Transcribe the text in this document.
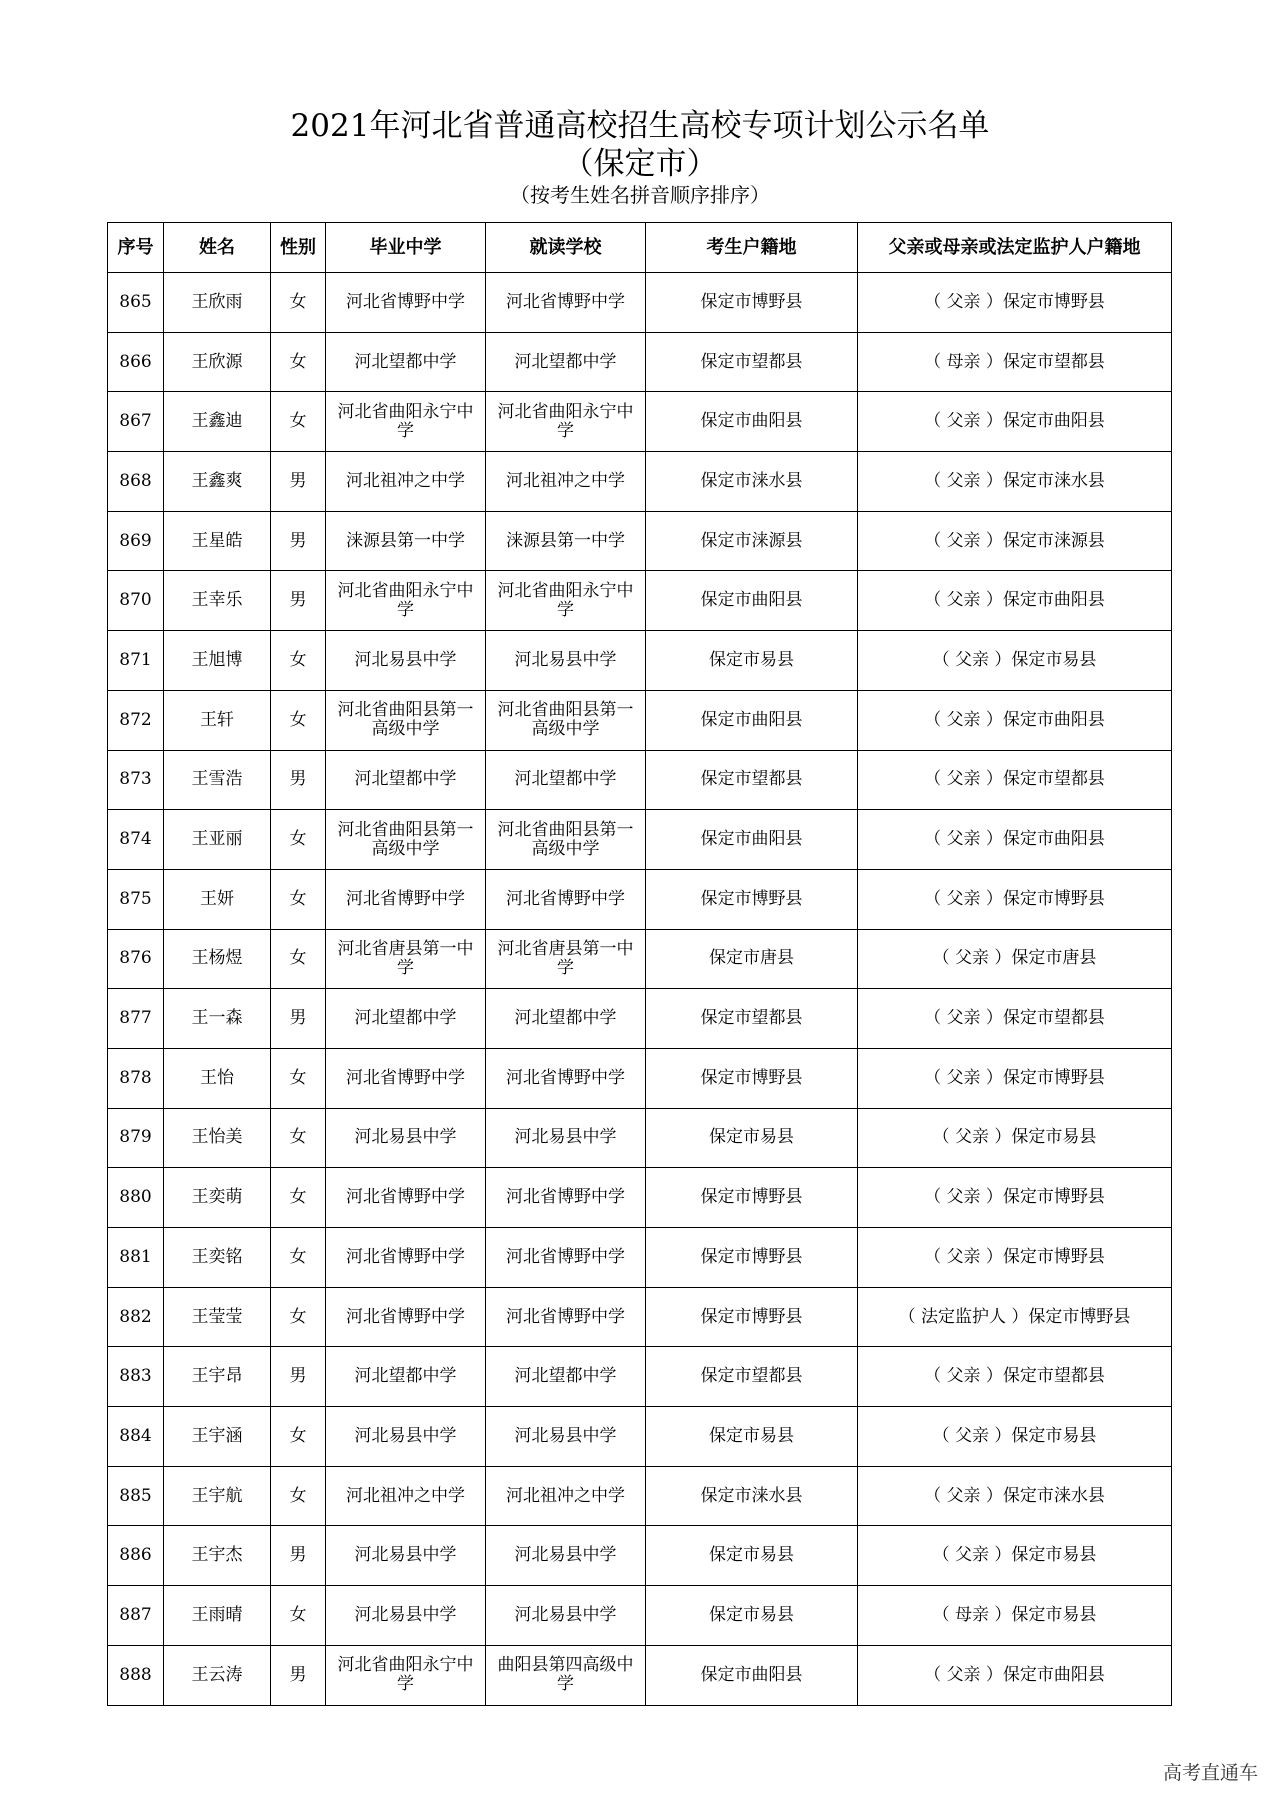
2021年河北省普通高校招生高校专项计划公示名单
（保定市）
（按考生姓名拼音顺序排序）
序号	姓名	性别	毕业中学	就读学校	考生户籍地	父亲或母亲或法定监护人户籍地
865	王欣雨	女	河北省博野中学	河北省博野中学	保定市博野县	（ 父亲 ）保定市博野县
866	王欣源	女	河北望都中学	河北望都中学	保定市望都县	（ 母亲 ）保定市望都县
867	王鑫迪	女	河北省曲阳永宁中学	河北省曲阳永宁中学	保定市曲阳县	（ 父亲 ）保定市曲阳县
868	王鑫爽	男	河北祖冲之中学	河北祖冲之中学	保定市涞水县	（ 父亲 ）保定市涞水县
869	王星皓	男	涞源县第一中学	涞源县第一中学	保定市涞源县	（ 父亲 ）保定市涞源县
870	王幸乐	男	河北省曲阳永宁中学	河北省曲阳永宁中学	保定市曲阳县	（ 父亲 ）保定市曲阳县
871	王旭博	女	河北易县中学	河北易县中学	保定市易县	（ 父亲 ）保定市易县
872	王轩	女	河北省曲阳县第一高级中学	河北省曲阳县第一高级中学	保定市曲阳县	（ 父亲 ）保定市曲阳县
873	王雪浩	男	河北望都中学	河北望都中学	保定市望都县	（ 父亲 ）保定市望都县
874	王亚丽	女	河北省曲阳县第一高级中学	河北省曲阳县第一高级中学	保定市曲阳县	（ 父亲 ）保定市曲阳县
875	王妍	女	河北省博野中学	河北省博野中学	保定市博野县	（ 父亲 ）保定市博野县
876	王杨煜	女	河北省唐县第一中学	河北省唐县第一中学	保定市唐县	（ 父亲 ）保定市唐县
877	王一森	男	河北望都中学	河北望都中学	保定市望都县	（ 父亲 ）保定市望都县
878	王怡	女	河北省博野中学	河北省博野中学	保定市博野县	（ 父亲 ）保定市博野县
879	王怡美	女	河北易县中学	河北易县中学	保定市易县	（ 父亲 ）保定市易县
880	王奕萌	女	河北省博野中学	河北省博野中学	保定市博野县	（ 父亲 ）保定市博野县
881	王奕铭	女	河北省博野中学	河北省博野中学	保定市博野县	（ 父亲 ）保定市博野县
882	王莹莹	女	河北省博野中学	河北省博野中学	保定市博野县	（ 法定监护人 ）保定市博野县
883	王宇昂	男	河北望都中学	河北望都中学	保定市望都县	（ 父亲 ）保定市望都县
884	王宇涵	女	河北易县中学	河北易县中学	保定市易县	（ 父亲 ）保定市易县
885	王宇航	女	河北祖冲之中学	河北祖冲之中学	保定市涞水县	（ 父亲 ）保定市涞水县
886	王宇杰	男	河北易县中学	河北易县中学	保定市易县	（ 父亲 ）保定市易县
887	王雨晴	女	河北易县中学	河北易县中学	保定市易县	（ 母亲 ）保定市易县
888	王云涛	男	河北省曲阳永宁中学	曲阳县第四高级中学	保定市曲阳县	（ 父亲 ）保定市曲阳县
高考直通车
